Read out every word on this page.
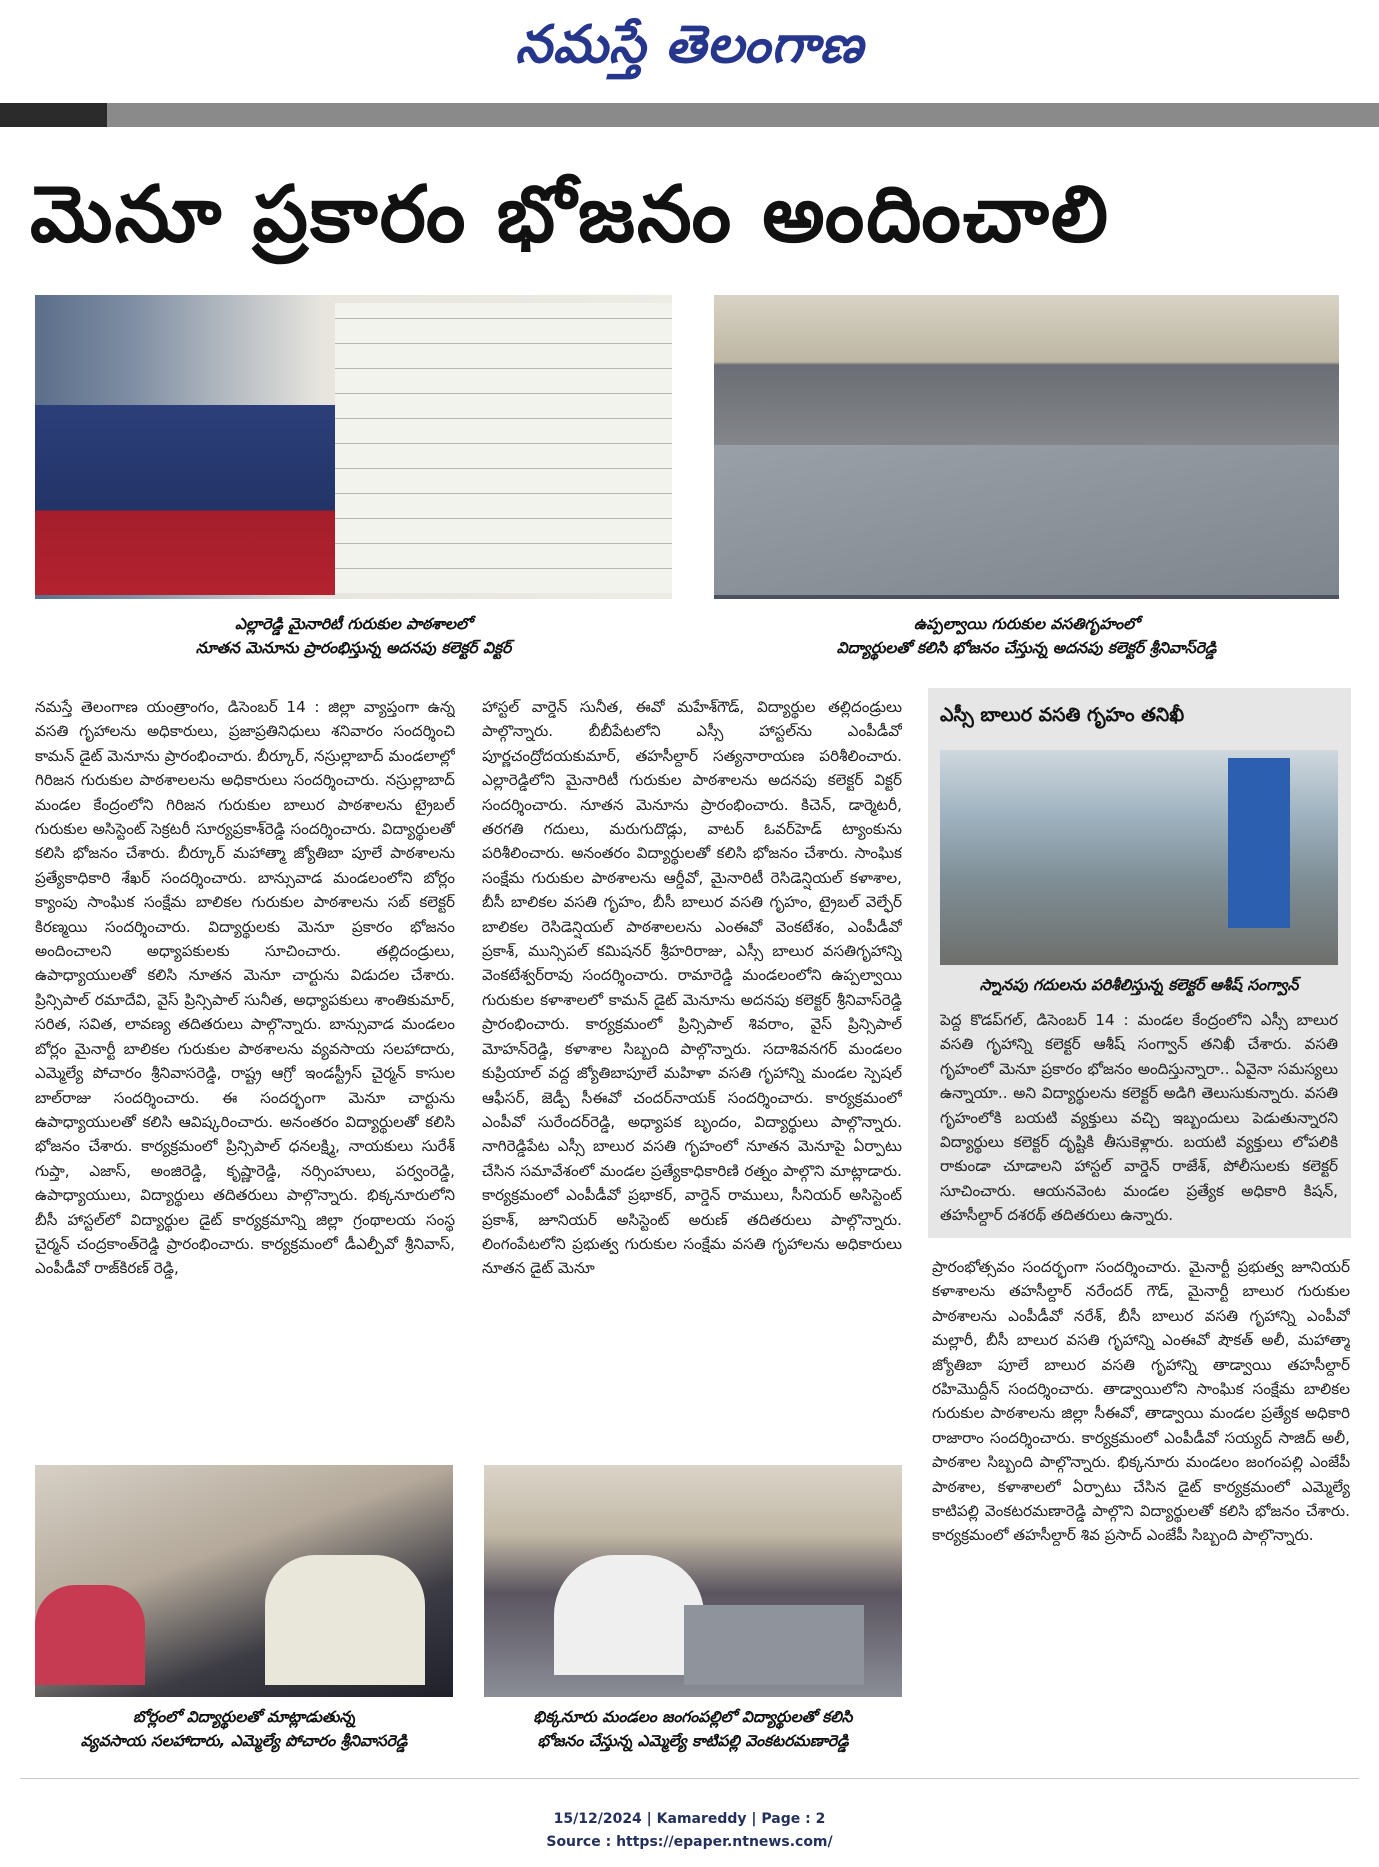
నమస్తే తెలంగాణ
మెనూ ప్రకారం భోజనం అందించాలి
ఎల్లారెడ్డి మైనారిటీ గురుకుల పాఠశాలలో
నూతన మెనూను ప్రారంభిస్తున్న అదనపు కలెక్టర్ విక్టర్
ఉప్పల్వాయి గురుకుల వసతిగృహంలో
విద్యార్థులతో కలిసి భోజనం చేస్తున్న అదనపు కలెక్టర్ శ్రీనివాస్‌రెడ్డి

నమస్తే తెలంగాణ యంత్రాంగం, డిసెంబర్ 14 : జిల్లా వ్యాప్తంగా ఉన్న వసతి గృహాలను అధికారులు, ప్రజాప్రతినిధులు శనివారం సందర్శించి కామన్ డైట్ మెనూను ప్రారంభించారు. బీర్కూర్, నస్రుల్లాబాద్ మండలాల్లో గిరిజన గురుకుల పాఠశాలలను అధికారులు సందర్శించారు. నస్రుల్లాబాద్ మండల కేంద్రంలోని గిరిజన గురుకుల బాలుర పాఠశాలను ట్రైబల్ గురుకుల అసిస్టెంట్ సెక్రటరీ సూర్యప్రకాశ్‌రెడ్డి సందర్శించారు. విద్యార్థులతో కలిసి భోజనం చేశారు. బీర్కూర్ మహాత్మా జ్యోతిబా పూలే పాఠశాలను ప్రత్యేకాధికారి శేఖర్ సందర్శించారు. బాన్సువాడ మండలంలోని బోర్లం క్యాంపు సాంఘిక సంక్షేమ బాలికల గురుకుల పాఠశాలను సబ్ కలెక్టర్ కిరణ్మయి సందర్శించారు. విద్యార్థులకు మెనూ ప్రకారం భోజనం అందించాలని అధ్యాపకులకు సూచించారు. తల్లిదండ్రులు, ఉపాధ్యాయులతో కలిసి నూతన మెనూ చార్టును విడుదల చేశారు. ప్రిన్సిపాల్ రమాదేవి, వైస్ ప్రిన్సిపాల్ సునీత, అధ్యాపకులు శాంతికుమార్, సరిత, సవిత, లావణ్య తదితరులు పాల్గొన్నారు. బాన్సువాడ మండలం బోర్లం మైనార్టీ బాలికల గురుకుల పాఠశాలను వ్యవసాయ సలహాదారు, ఎమ్మెల్యే పోచారం శ్రీనివాసరెడ్డి, రాష్ట్ర ఆగ్రో ఇండస్ట్రీస్ చైర్మన్ కాసుల బాల్‌రాజు సందర్శించారు. ఈ సందర్భంగా మెనూ చార్టును ఉపాధ్యాయులతో కలిసి ఆవిష్కరించారు. అనంతరం విద్యార్థులతో కలిసి భోజనం చేశారు. కార్యక్రమంలో ప్రిన్సిపాల్ ధనలక్ష్మి, నాయకులు సురేశ్ గుప్తా, ఎజాస్, అంజిరెడ్డి, కృష్ణారెడ్డి, నర్సింహులు, పర్వంరెడ్డి, ఉపాధ్యాయులు, విద్యార్థులు తదితరులు పాల్గొన్నారు. భిక్కనూరులోని బీసీ హాస్టల్‌లో విద్యార్థుల డైట్ కార్యక్రమాన్ని జిల్లా గ్రంథాలయ సంస్థ చైర్మన్ చంద్రకాంత్‌రెడ్డి ప్రారంభించారు. కార్యక్రమంలో డీఎల్పీవో శ్రీనివాస్, ఎంపీడీవో రాజ్‌కిరణ్ రెడ్డి,

హాస్టల్ వార్డెన్ సునీత, ఈవో మహేశ్‌గౌడ్, విద్యార్థుల తల్లిదండ్రులు పాల్గొన్నారు. బీబీపేటలోని ఎస్సీ హాస్టల్‌ను ఎంపీడీవో పూర్ణచంద్రోదయకుమార్, తహసీల్దార్ సత్యనారాయణ పరిశీలించారు. ఎల్లారెడ్డిలోని మైనారిటీ గురుకుల పాఠశాలను అదనపు కలెక్టర్ విక్టర్ సందర్శించారు. నూతన మెనూను ప్రారంభించారు. కిచెన్, డార్మెటరీ, తరగతి గదులు, మరుగుదొడ్లు, వాటర్ ఓవర్‌హెడ్ ట్యాంకును పరిశీలించారు. అనంతరం విద్యార్థులతో కలిసి భోజనం చేశారు. సాంఘిక సంక్షేమ గురుకుల పాఠశాలను ఆర్డీవో, మైనారిటీ రెసిడెన్షియల్ కళాశాల, బీసీ బాలికల వసతి గృహం, బీసీ బాలుర వసతి గృహం, ట్రైబల్ వెల్ఫేర్ బాలికల రెసిడెన్షియల్ పాఠశాలలను ఎంఈవో వెంకటేశం, ఎంపీడీవో ప్రకాశ్, మున్సిపల్ కమిషనర్ శ్రీహరిరాజు, ఎస్సీ బాలుర వసతిగృహాన్ని వెంకటేశ్వర్‌రావు సందర్శించారు. రామారెడ్డి మండలంలోని ఉప్పల్వాయి గురుకుల కళాశాలలో కామన్ డైట్ మెనూను అదనపు కలెక్టర్ శ్రీనివాస్‌రెడ్డి ప్రారంభించారు. కార్యక్రమంలో ప్రిన్సిపాల్ శివరాం, వైస్ ప్రిన్సిపాల్ మోహన్‌రెడ్డి, కళాశాల సిబ్బంది పాల్గొన్నారు. సదాశివనగర్ మండలం కుప్రియాల్ వద్ద జ్యోతిబాపూలే మహిళా వసతి గృహాన్ని మండల స్పెషల్ ఆఫీసర్, జెడ్పీ సీఈవో చందర్‌నాయక్ సందర్శించారు. కార్యక్రమంలో ఎంపీవో సురేందర్‌రెడ్డి, అధ్యాపక బృందం, విద్యార్థులు పాల్గొన్నారు. నాగిరెడ్డిపేట ఎస్సీ బాలుర వసతి గృహంలో నూతన మెనూపై ఏర్పాటు చేసిన సమావేశంలో మండల ప్రత్యేకాధికారిణి రత్నం పాల్గొని మాట్లాడారు. కార్యక్రమంలో ఎంపీడీవో ప్రభాకర్, వార్డెన్ రాములు, సీనియర్ అసిస్టెంట్ ప్రకాశ్, జూనియర్ అసిస్టెంట్ అరుణ్ తదితరులు పాల్గొన్నారు. లింగంపేటలోని ప్రభుత్వ గురుకుల సంక్షేమ వసతి గృహాలను అధికారులు నూతన డైట్ మెనూ

ఎస్సీ బాలుర వసతి గృహం తనిఖీ
స్నానపు గదులను పరిశీలిస్తున్న కలెక్టర్ ఆశీష్ సంగ్వాన్

పెద్ద కొడప్‌గల్, డిసెంబర్ 14 : మండల కేంద్రంలోని ఎస్సీ బాలుర వసతి గృహాన్ని కలెక్టర్ ఆశీష్ సంగ్వాన్ తనిఖీ చేశారు. వసతి గృహంలో మెనూ ప్రకారం భోజనం అందిస్తున్నారా.. ఏవైనా సమస్యలు ఉన్నాయా.. అని విద్యార్థులను కలెక్టర్ అడిగి తెలుసుకున్నారు. వసతి గృహంలోకి బయటి వ్యక్తులు వచ్చి ఇబ్బందులు పెడుతున్నారని విద్యార్థులు కలెక్టర్ దృష్టికి తీసుకెళ్లారు. బయటి వ్యక్తులు లోపలికి రాకుండా చూడాలని హాస్టల్ వార్డెన్ రాజేశ్, పోలీసులకు కలెక్టర్ సూచించారు. ఆయనవెంట మండల ప్రత్యేక అధికారి కిషన్, తహసీల్దార్ దశరథ్ తదితరులు ఉన్నారు.

ప్రారంభోత్సవం సందర్భంగా సందర్శించారు. మైనార్టీ ప్రభుత్వ జూనియర్ కళాశాలను తహసీల్దార్ నరేందర్ గౌడ్, మైనార్టీ బాలుర గురుకుల పాఠశాలను ఎంపీడీవో నరేశ్, బీసీ బాలుర వసతి గృహాన్ని ఎంపీవో మల్లారీ, బీసీ బాలుర వసతి గృహాన్ని ఎంఈవో షౌకత్ అలీ, మహాత్మా జ్యోతిబా పూలే బాలుర వసతి గృహాన్ని తాడ్వాయి తహసీల్దార్ రహిమొద్దీన్ సందర్శించారు. తాడ్వాయిలోని సాంఘిక సంక్షేమ బాలికల గురుకుల పాఠశాలను జిల్లా సీఈవో, తాడ్వాయి మండల ప్రత్యేక అధికారి రాజారాం సందర్శించారు. కార్యక్రమంలో ఎంపీడీవో సయ్యద్ సాజిద్ అలీ, పాఠశాల సిబ్బంది పాల్గొన్నారు. భిక్కనూరు మండలం జంగంపల్లి ఎంజేపీ పాఠశాల, కళాశాలలో ఏర్పాటు చేసిన డైట్ కార్యక్రమంలో ఎమ్మెల్యే కాటిపల్లి వెంకటరమణారెడ్డి పాల్గొని విద్యార్థులతో కలిసి భోజనం చేశారు. కార్యక్రమంలో తహసీల్దార్ శివ ప్రసాద్ ఎంజేపీ సిబ్బంది పాల్గొన్నారు.

బోర్లంలో విద్యార్థులతో మాట్లాడుతున్న
వ్యవసాయ సలహాదారు, ఎమ్మెల్యే పోచారం శ్రీనివాసరెడ్డి
భిక్కనూరు మండలం జంగంపల్లిలో విద్యార్థులతో కలిసి
భోజనం చేస్తున్న ఎమ్మెల్యే కాటిపల్లి వెంకటరమణారెడ్డి
15/12/2024 | Kamareddy | Page : 2
Source : https://epaper.ntnews.com/
